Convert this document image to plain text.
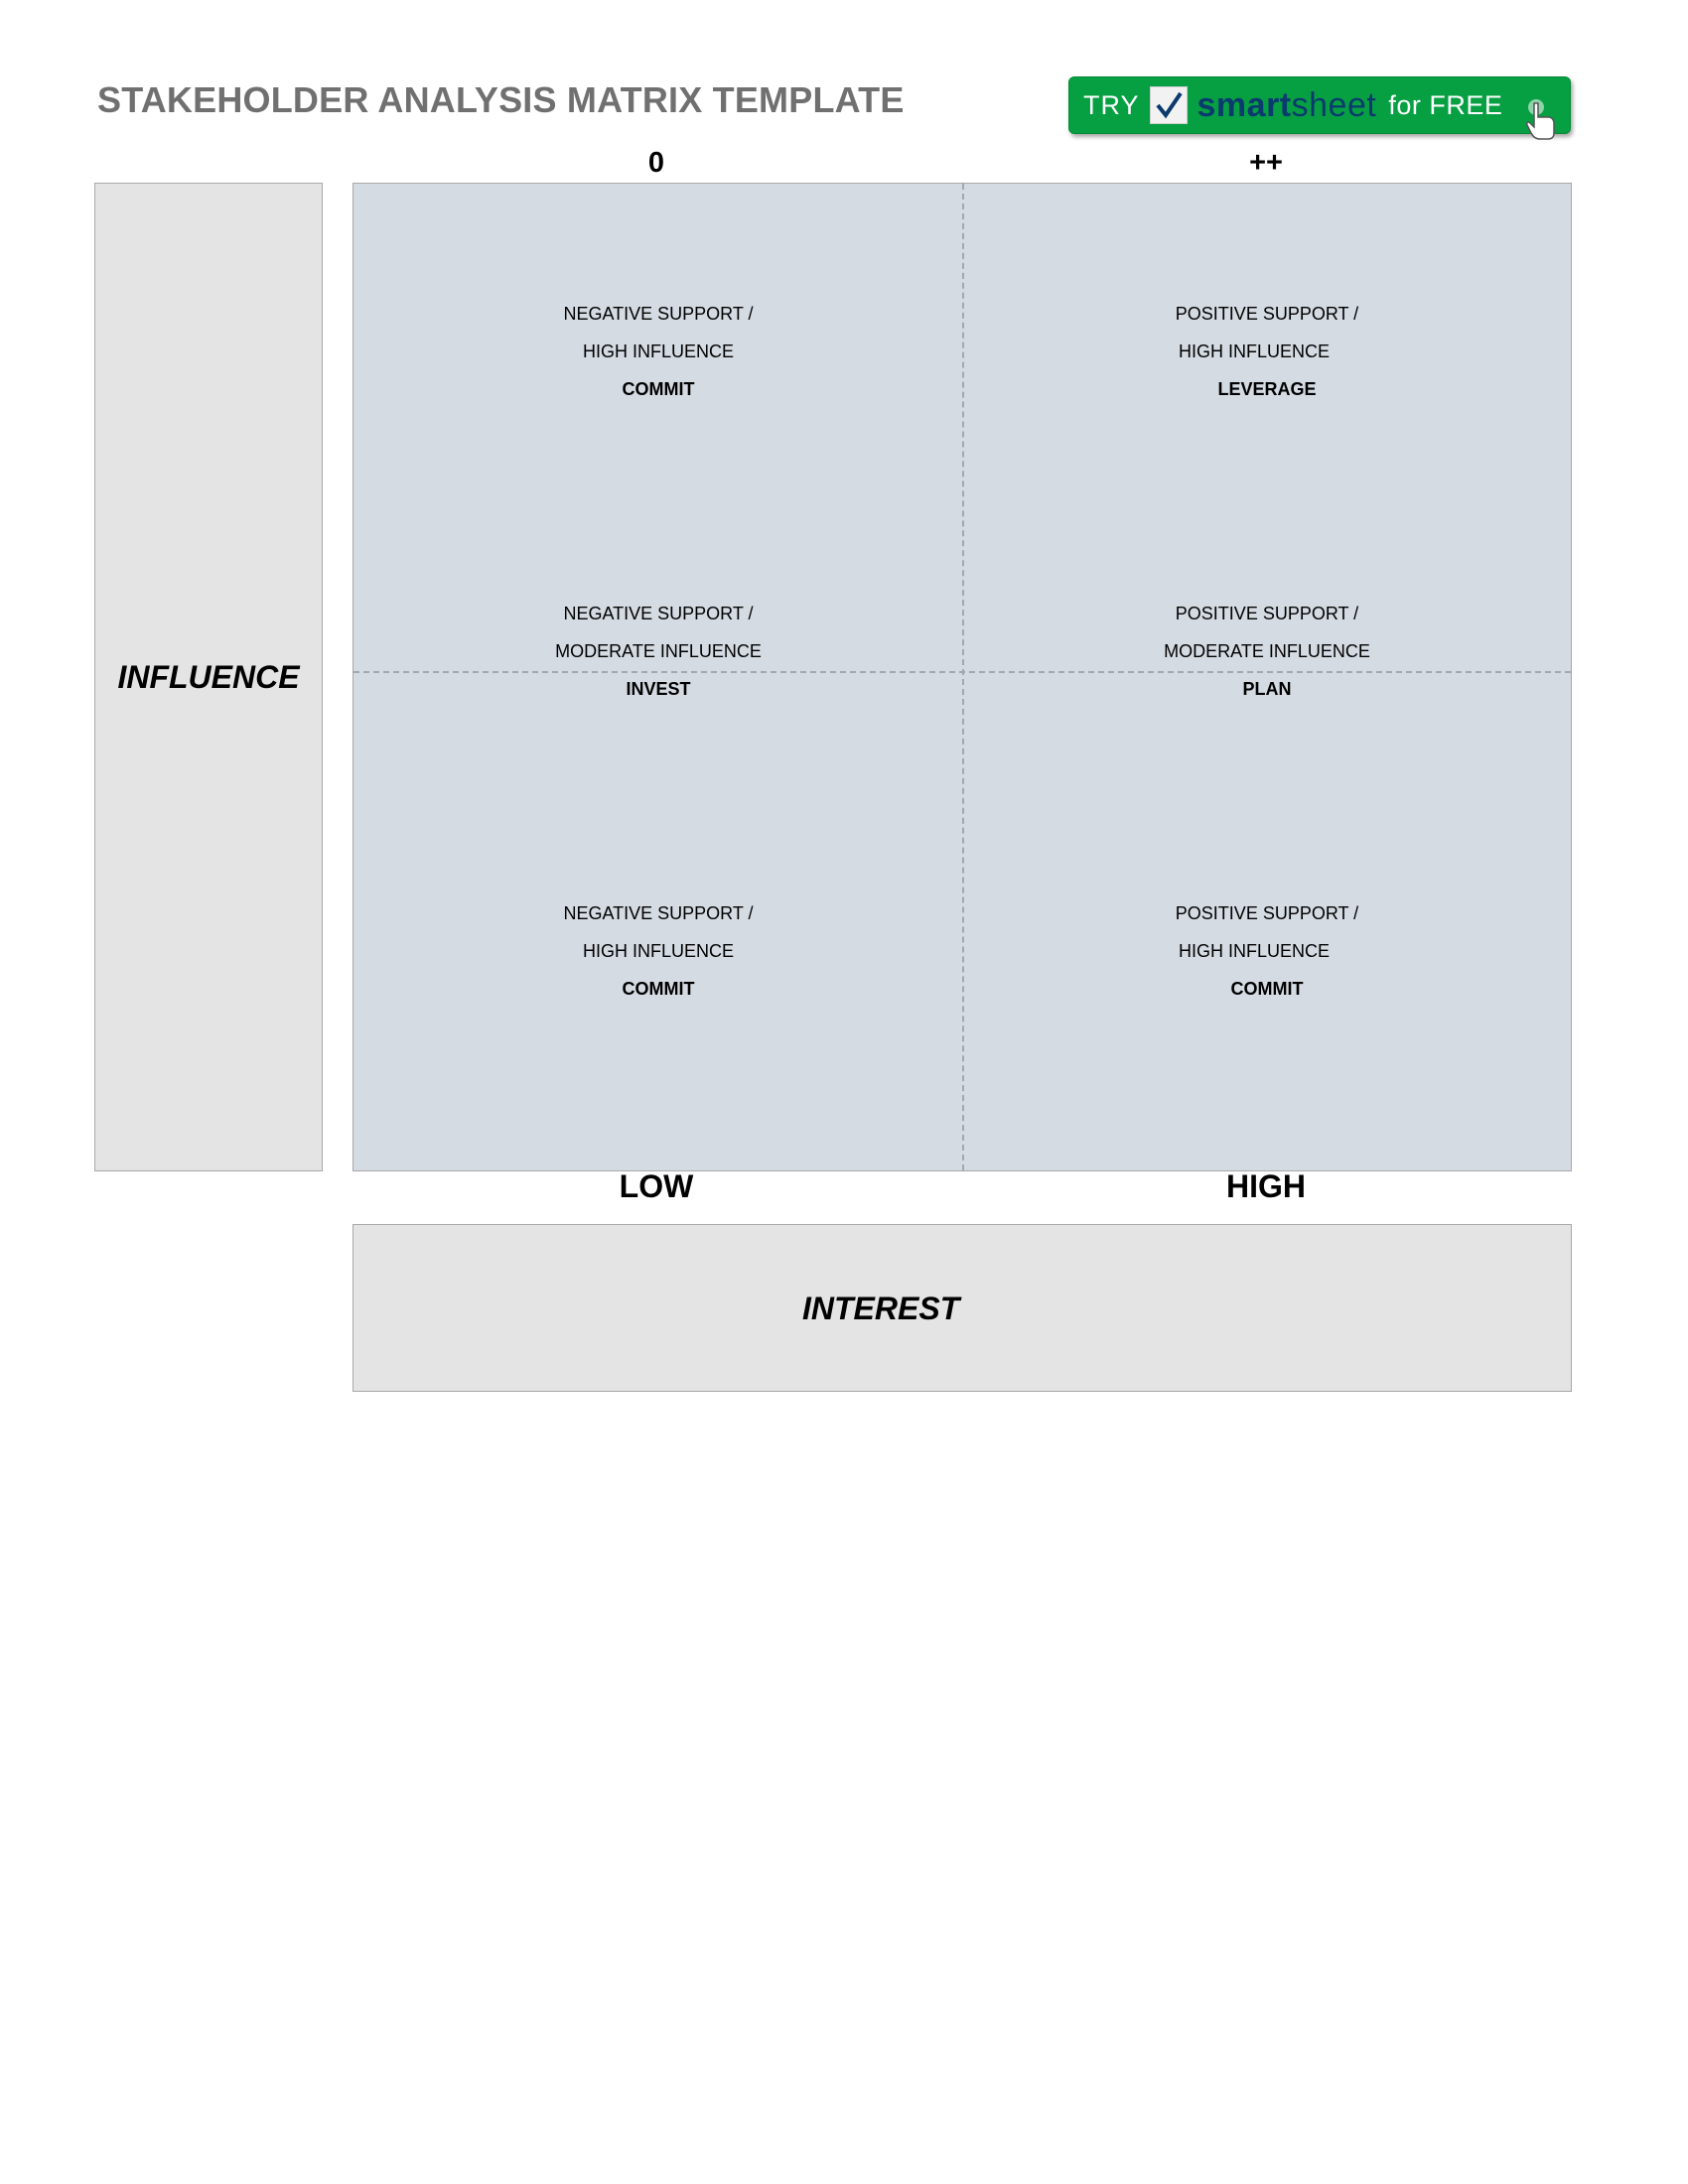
STAKEHOLDER ANALYSIS MATRIX TEMPLATE	TRY smartsheet for FREE
0	++
INFLUENCE
NEGATIVE SUPPORT /
HIGH INFLUENCE
COMMIT
POSITIVE SUPPORT /
HIGH INFLUENCE
LEVERAGE
NEGATIVE SUPPORT /
MODERATE INFLUENCE
INVEST
POSITIVE SUPPORT /
MODERATE INFLUENCE
PLAN
NEGATIVE SUPPORT /
HIGH INFLUENCE
COMMIT
POSITIVE SUPPORT /
HIGH INFLUENCE
COMMIT
LOW	HIGH
INTEREST
